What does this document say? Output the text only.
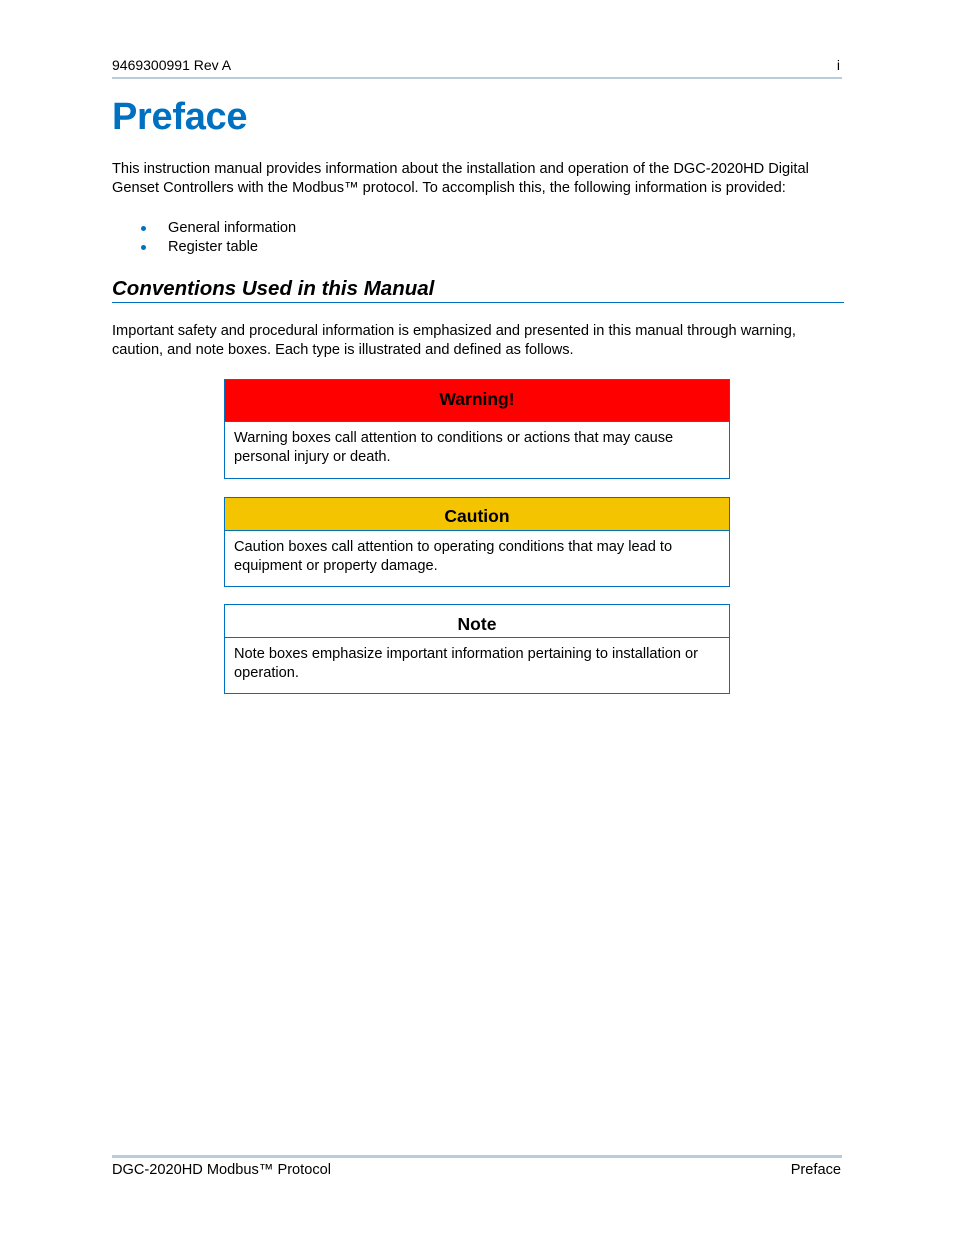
9469300991 Rev A	i
Preface

This instruction manual provides information about the installation and operation of the DGC-2020HD Digital Genset Controllers with the Modbus™ protocol. To accomplish this, the following information is provided:

General information
Register table
Conventions Used in this Manual

Important safety and procedural information is emphasized and presented in this manual through warning, caution, and note boxes. Each type is illustrated and defined as follows.

Warning!
Warning boxes call attention to conditions or actions that may cause personal injury or death.
Caution
Caution boxes call attention to operating conditions that may lead to equipment or property damage.
Note
Note boxes emphasize important information pertaining to installation or operation.
DGC-2020HD Modbus™ Protocol	Preface
